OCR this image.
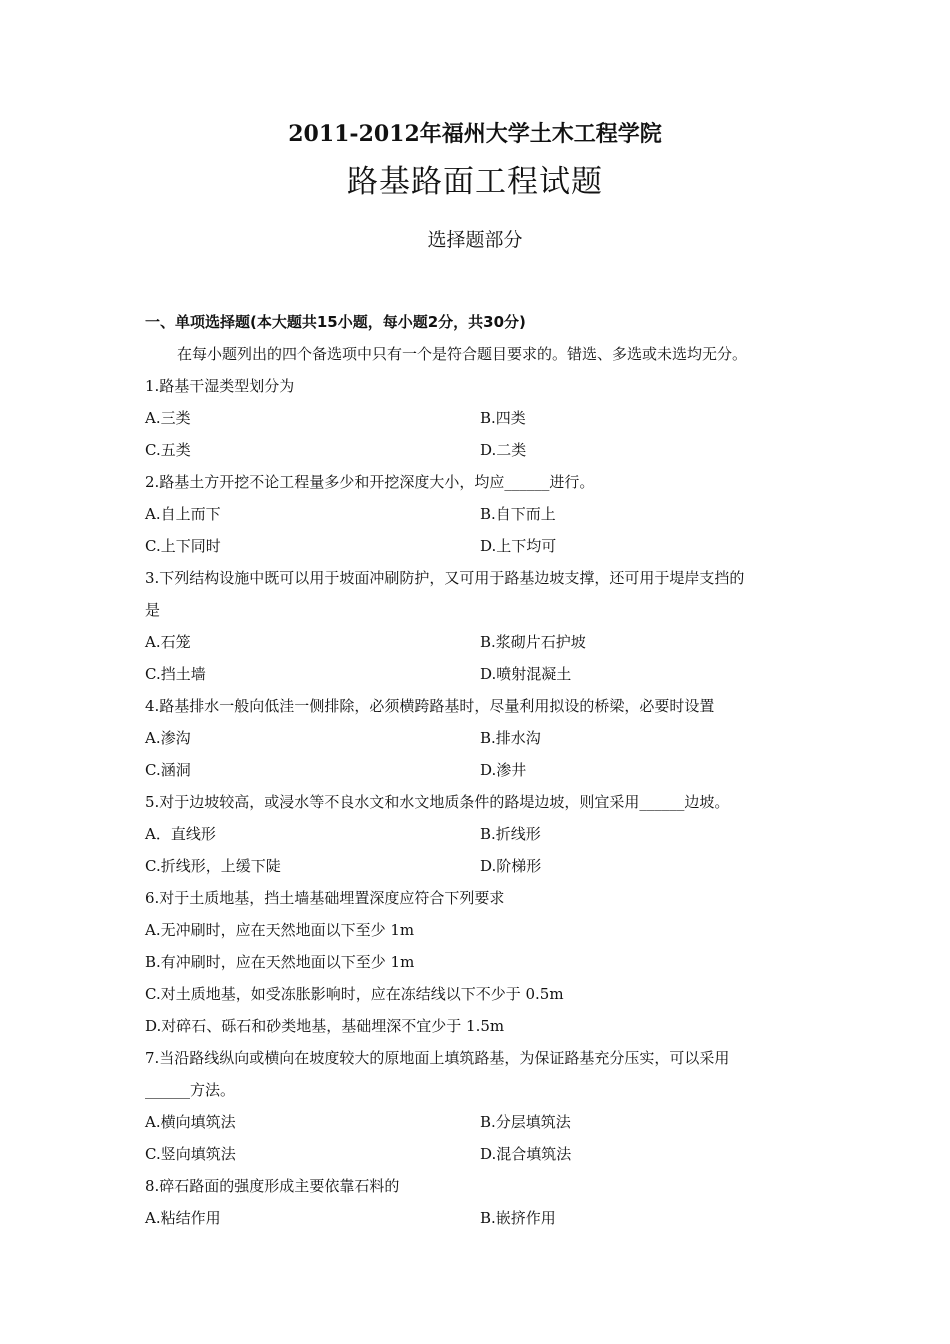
2011-2012年福州大学土木工程学院
路基路面工程试题
选择题部分
一、单项选择题(本大题共15小题，每小题2分，共30分)
在每小题列出的四个备选项中只有一个是符合题目要求的。错选、多选或未选均无分。
1.路基干湿类型划分为
A.三类	B.四类
C.五类	D.二类
2.路基土方开挖不论工程量多少和开挖深度大小，均应______进行。
A.自上而下	B.自下而上
C.上下同时	D.上下均可
3.下列结构设施中既可以用于坡面冲刷防护，又可用于路基边坡支撑，还可用于堤岸支挡的
是
A.石笼	B.浆砌片石护坡
C.挡土墙	D.喷射混凝土
4.路基排水一般向低洼一侧排除，必须横跨路基时，尽量利用拟设的桥梁，必要时设置
A.渗沟	B.排水沟
C.涵洞	D.渗井
5.对于边坡较高，或浸水等不良水文和水文地质条件的路堤边坡，则宜采用______边坡。
A．直线形	B.折线形
C.折线形，上缓下陡	D.阶梯形
6.对于土质地基，挡土墙基础埋置深度应符合下列要求
A.无冲刷时，应在天然地面以下至少 1m
B.有冲刷时，应在天然地面以下至少 1m
C.对土质地基，如受冻胀影响时，应在冻结线以下不少于 0.5m
D.对碎石、砾石和砂类地基，基础埋深不宜少于 1.5m
7.当沿路线纵向或横向在坡度较大的原地面上填筑路基，为保证路基充分压实，可以采用
______方法。
A.横向填筑法	B.分层填筑法
C.竖向填筑法	D.混合填筑法
8.碎石路面的强度形成主要依靠石料的
A.粘结作用	B.嵌挤作用
